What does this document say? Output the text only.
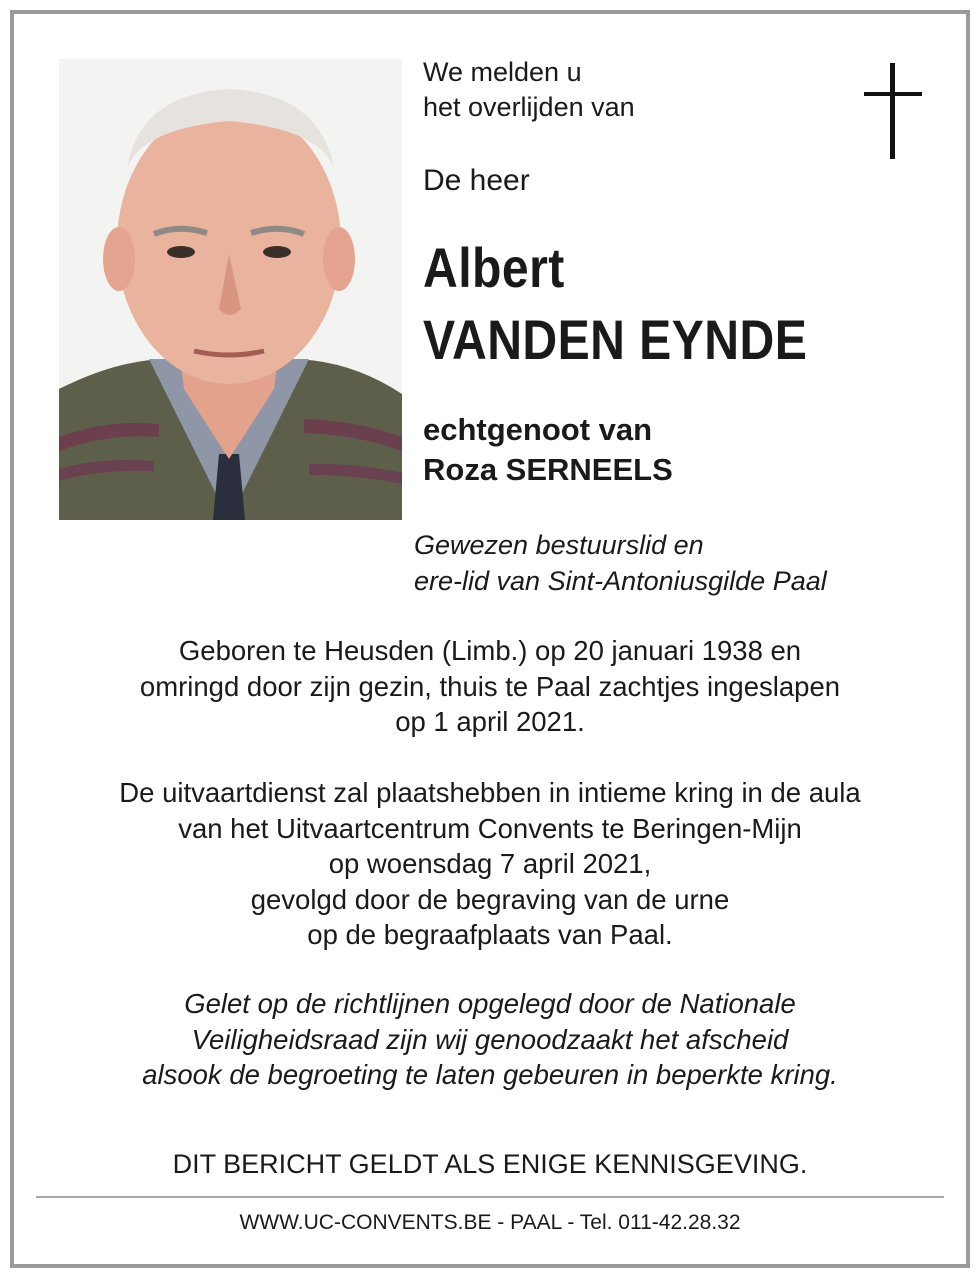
We melden u
het overlijden van
De heer
Albert
VANDEN EYNDE
echtgenoot van
Roza SERNEELS
Gewezen bestuurslid en
ere-lid van Sint-Antoniusgilde Paal
Geboren te Heusden (Limb.) op 20 januari 1938 en
omringd door zijn gezin, thuis te Paal zachtjes ingeslapen
op 1 april 2021.
De uitvaartdienst zal plaatshebben in intieme kring in de aula
van het Uitvaartcentrum Convents te Beringen-Mijn
op woensdag 7 april 2021,
gevolgd door de begraving van de urne
op de begraafplaats van Paal.
Gelet op de richtlijnen opgelegd door de Nationale
Veiligheidsraad zijn wij genoodzaakt het afscheid
alsook de begroeting te laten gebeuren in beperkte kring.
DIT BERICHT GELDT ALS ENIGE KENNISGEVING.
WWW.UC-CONVENTS.BE - PAAL - Tel. 011-42.28.32
